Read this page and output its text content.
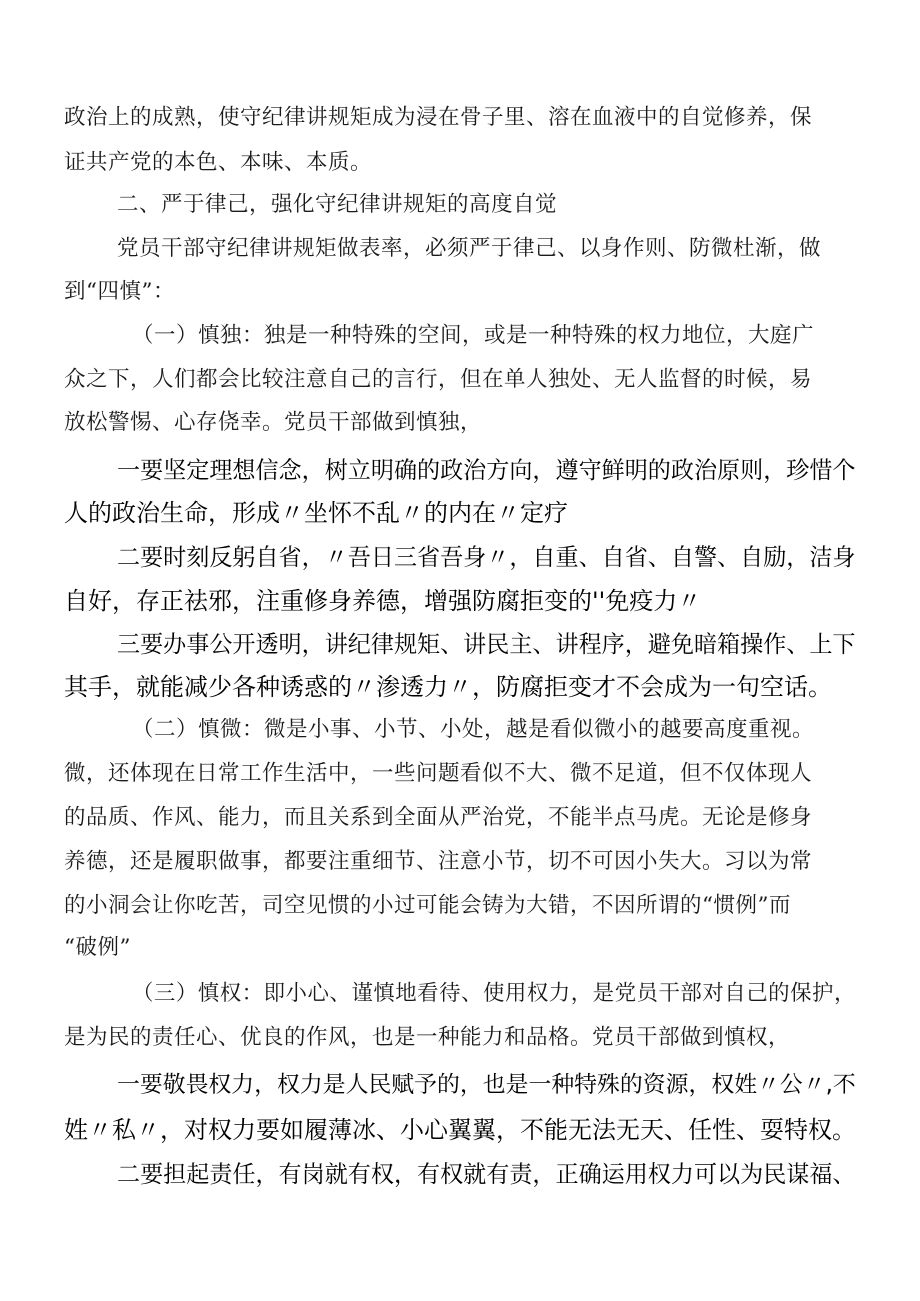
政治上的成熟，使守纪律讲规矩成为浸在骨子里、溶在血液中的自觉修养，保
证共产党的本色、本味、本质。
二、严于律己，强化守纪律讲规矩的高度自觉
党员干部守纪律讲规矩做表率，必须严于律己、以身作则、防微杜渐，做
到“四慎”：
（一）慎独：独是一种特殊的空间，或是一种特殊的权力地位，大庭广
众之下，人们都会比较注意自己的言行，但在单人独处、无人监督的时候，易
放松警惕、心存侥幸。党员干部做到慎独，
一要坚定理想信念，树立明确的政治方向，遵守鲜明的政治原则，珍惜个
人的政治生命，形成〃坐怀不乱〃的内在〃定疗
二要时刻反躬自省，〃吾日三省吾身〃，自重、自省、自警、自励，洁身
自好，存正祛邪，注重修身养德，增强防腐拒变的''免疫力〃
三要办事公开透明，讲纪律规矩、讲民主、讲程序，避免暗箱操作、上下
其手，就能减少各种诱惑的〃渗透力〃，防腐拒变才不会成为一句空话。
（二）慎微：微是小事、小节、小处，越是看似微小的越要高度重视。
微，还体现在日常工作生活中，一些问题看似不大、微不足道，但不仅体现人
的品质、作风、能力，而且关系到全面从严治党，不能半点马虎。无论是修身
养德，还是履职做事，都要注重细节、注意小节，切不可因小失大。习以为常
的小洞会让你吃苦，司空见惯的小过可能会铸为大错，不因所谓的“惯例”而
“破例”
（三）慎权：即小心、谨慎地看待、使用权力，是党员干部对自己的保护，
是为民的责任心、优良的作风，也是一种能力和品格。党员干部做到慎权，
一要敬畏权力，权力是人民赋予的，也是一种特殊的资源，权姓〃公〃,不
姓〃私〃，对权力要如履薄冰、小心翼翼，不能无法无天、任性、耍特权。
二要担起责任，有岗就有权，有权就有责，正确运用权力可以为民谋福、
